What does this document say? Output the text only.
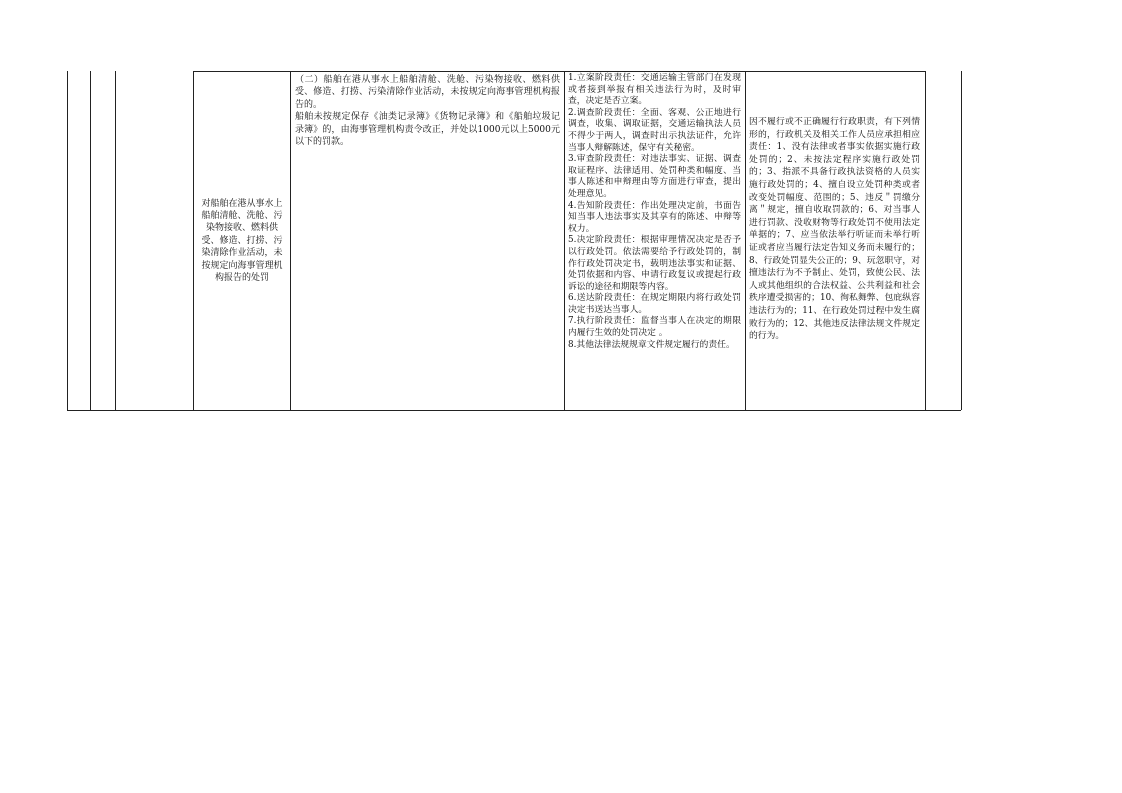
对船舶在港从事水上船舶清舱、洗舱、污染物接收、燃料供受、修造、打捞、污染清除作业活动，未按规定向海事管理机构报告的处罚

（二）船舶在港从事水上船舶清舱、洗舱、污染物接收、燃料供受、修造、打捞、污染清除作业活动，未按规定向海事管理机构报告的。

船舶未按规定保存《油类记录簿》《货物记录簿》和《船舶垃圾记录簿》的，由海事管理机构责令改正，并处以1000元以上5000元以下的罚款。

1.立案阶段责任：交通运输主管部门在发现或者接到举报有相关违法行为时，及时审查，决定是否立案。

2.调查阶段责任：全面、客观、公正地进行调查，收集、调取证据，交通运输执法人员不得少于两人，调查时出示执法证件，允许当事人辩解陈述，保守有关秘密。

3.审查阶段责任：对违法事实、证据、调查取证程序、法律适用、处罚种类和幅度、当事人陈述和申辩理由等方面进行审查，提出处理意见。

4.告知阶段责任：作出处理决定前，书面告知当事人违法事实及其享有的陈述、申辩等权力。

5.决定阶段责任：根据审理情况决定是否予以行政处罚。依法需要给予行政处罚的，制作行政处罚决定书，载明违法事实和证据、处罚依据和内容、申请行政复议或提起行政诉讼的途径和期限等内容。

6.送达阶段责任：在规定期限内将行政处罚决定书送达当事人。

7.执行阶段责任：监督当事人在决定的期限内履行生效的处罚决定 。

8.其他法律法规规章文件规定履行的责任。

因不履行或不正确履行行政职责，有下列情形的，行政机关及相关工作人员应承担相应责任：1、没有法律或者事实依据实施行政处罚的；2、未按法定程序实施行政处罚的；3、指派不具备行政执法资格的人员实施行政处罚的；4、擅自设立处罚种类或者改变处罚幅度、范围的；5、违反＂罚缴分离＂规定，擅自收取罚款的；6、对当事人进行罚款、没收财物等行政处罚不使用法定单据的；7、应当依法举行听证而未举行听证或者应当履行法定告知义务而未履行的；8、行政处罚显失公正的；9、玩忽职守，对擅违法行为不予制止、处罚，致使公民、法人或其他组织的合法权益、公共利益和社会秩序遭受损害的；10、徇私舞弊、包庇纵容违法行为的；11、在行政处罚过程中发生腐败行为的；12、其他违反法律法规文件规定的行为。
